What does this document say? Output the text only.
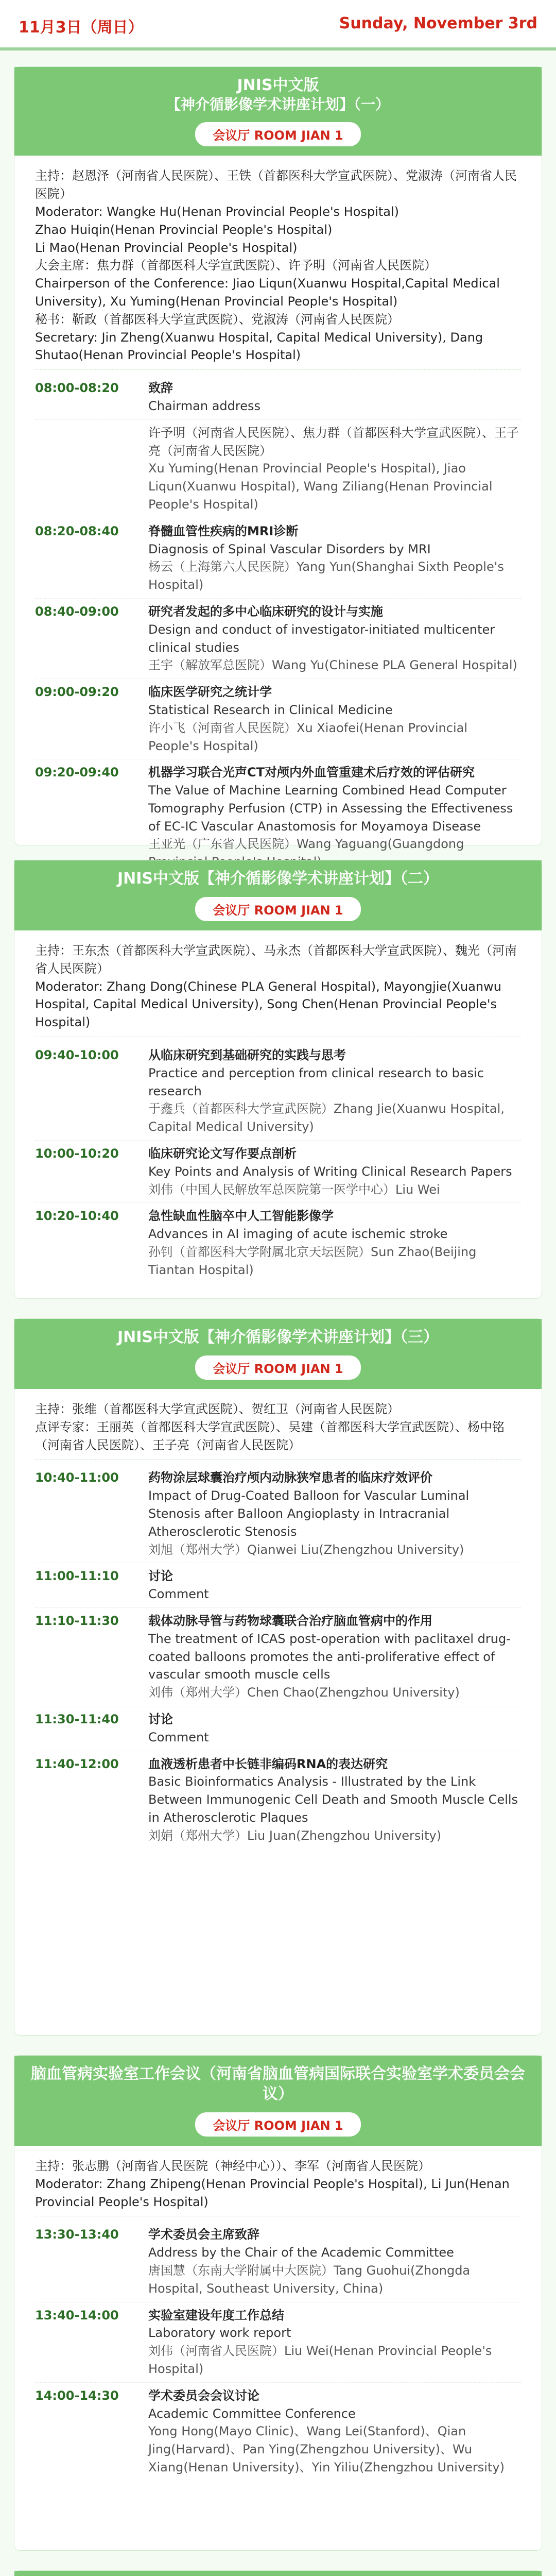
11月3日（周日）	Sunday, November 3rd
JNIS中文版
【神介循影像学术讲座计划】（一）
会议厅 ROOM JIAN 1

主持：赵恩泽（河南省人民医院）、王铁（首都医科大学宣武医院）、党淑涛（河南省人民医院）

Moderator: Wangke Hu(Henan Provincial People's Hospital)

Zhao Huiqin(Henan Provincial People's Hospital)

Li Mao(Henan Provincial People's Hospital)

大会主席：焦力群（首都医科大学宣武医院）、许予明（河南省人民医院）

Chairperson of the Conference: Jiao Liqun(Xuanwu Hospital,Capital Medical University), Xu Yuming(Henan Provincial People's Hospital)

秘书：靳政（首都医科大学宣武医院）、党淑涛（河南省人民医院）

Secretary: Jin Zheng(Xuanwu Hospital, Capital Medical University), Dang Shutao(Henan Provincial People's Hospital)

08:00-08:20	致辞
Chairman address
许予明（河南省人民医院）、焦力群（首都医科大学宣武医院）、王子亮（河南省人民医院）
Xu Yuming(Henan Provincial People's Hospital), Jiao Liqun(Xuanwu Hospital), Wang Ziliang(Henan Provincial People's Hospital)
08:20-08:40	脊髓血管性疾病的MRI诊断
Diagnosis of Spinal Vascular Disorders by MRI
杨云（上海第六人民医院）Yang Yun(Shanghai Sixth People's Hospital)
08:40-09:00	研究者发起的多中心临床研究的设计与实施
Design and conduct of investigator-initiated multicenter clinical studies
王宇（解放军总医院）Wang Yu(Chinese PLA General Hospital)
09:00-09:20	临床医学研究之统计学
Statistical Research in Clinical Medicine
许小飞（河南省人民医院）Xu Xiaofei(Henan Provincial People's Hospital)
09:20-09:40	机器学习联合光声CT对颅内外血管重建术后疗效的评估研究
The Value of Machine Learning Combined Head Computer Tomography Perfusion (CTP) in Assessing the Effectiveness of EC-IC Vascular Anastomosis for Moyamoya Disease
王亚光（广东省人民医院）Wang Yaguang(Guangdong
JNIS中文版【神介循影像学术讲座计划】（二）
会议厅 ROOM JIAN 1

主持：王东杰（首都医科大学宣武医院）、马永杰（首都医科大学宣武医院）、魏光（河南省人民医院）

Moderator: Zhang Dong(Chinese PLA General Hospital), Mayongjie(Xuanwu Hospital, Capital Medical University), Song Chen(Henan Provincial People's Hospital)

09:40-10:00	从临床研究到基础研究的实践与思考
Practice and perception from clinical research to basic research
于鑫兵（首都医科大学宣武医院）Zhang Jie(Xuanwu Hospital, Capital Medical University)
10:00-10:20	临床研究论文写作要点剖析
Key Points and Analysis of Writing Clinical Research Papers
刘伟（中国人民解放军总医院第一医学中心）Liu Wei
10:20-10:40	急性缺血性脑卒中人工智能影像学
Advances in AI imaging of acute ischemic stroke
孙钊（首都医科大学附属北京天坛医院）Sun Zhao(Beijing Tiantan Hospital)
JNIS中文版【神介循影像学术讲座计划】（三）
会议厅 ROOM JIAN 1

主持：张维（首都医科大学宣武医院）、贺红卫（河南省人民医院）

点评专家：王丽英（首都医科大学宣武医院）、吴建（首都医科大学宣武医院）、杨中铭（河南省人民医院）、王子亮（河南省人民医院）

10:40-11:00	药物涂层球囊治疗颅内动脉狭窄患者的临床疗效评价
Impact of Drug-Coated Balloon for Vascular Luminal Stenosis after Balloon Angioplasty in Intracranial Atherosclerotic Stenosis
刘旭（郑州大学）Qianwei Liu(Zhengzhou University)
11:00-11:10	讨论
Comment
11:10-11:30	载体动脉导管与药物球囊联合治疗脑血管病中的作用
The treatment of ICAS post-operation with paclitaxel drug-coated balloons promotes the anti-proliferative effect of vascular smooth muscle cells
刘伟（郑州大学）Chen Chao(Zhengzhou University)
11:30-11:40	讨论
Comment
11:40-12:00	血液透析患者中长链非编码RNA的表达研究
Basic Bioinformatics Analysis - Illustrated by the Link Between Immunogenic Cell Death and Smooth Muscle Cells in Atherosclerotic Plaques
刘娟（郑州大学）Liu Juan(Zhengzhou University)
脑血管病实验室工作会议（河南省脑血管病国际联合实验室学术委员会会议）
会议厅 ROOM JIAN 1

主持：张志鹏（河南省人民医院（神经中心））、李军（河南省人民医院）

Moderator: Zhang Zhipeng(Henan Provincial People's Hospital), Li Jun(Henan Provincial People's Hospital)

13:30-13:40	学术委员会主席致辞
Address by the Chair of the Academic Committee
唐国慧（东南大学附属中大医院）Tang Guohui(Zhongda Hospital, Southeast University, China)
13:40-14:00	实验室建设年度工作总结
Laboratory work report
刘伟（河南省人民医院）Liu Wei(Henan Provincial People's Hospital)
14:00-14:30	学术委员会会议讨论
Academic Committee Conference
Yong Hong(Mayo Clinic)、Wang Lei(Stanford)、Qian Jing(Harvard)、Pan Ying(Zhengzhou University)、Wu Xiang(Henan University)、Yin Yiliu(Zhengzhou University)
